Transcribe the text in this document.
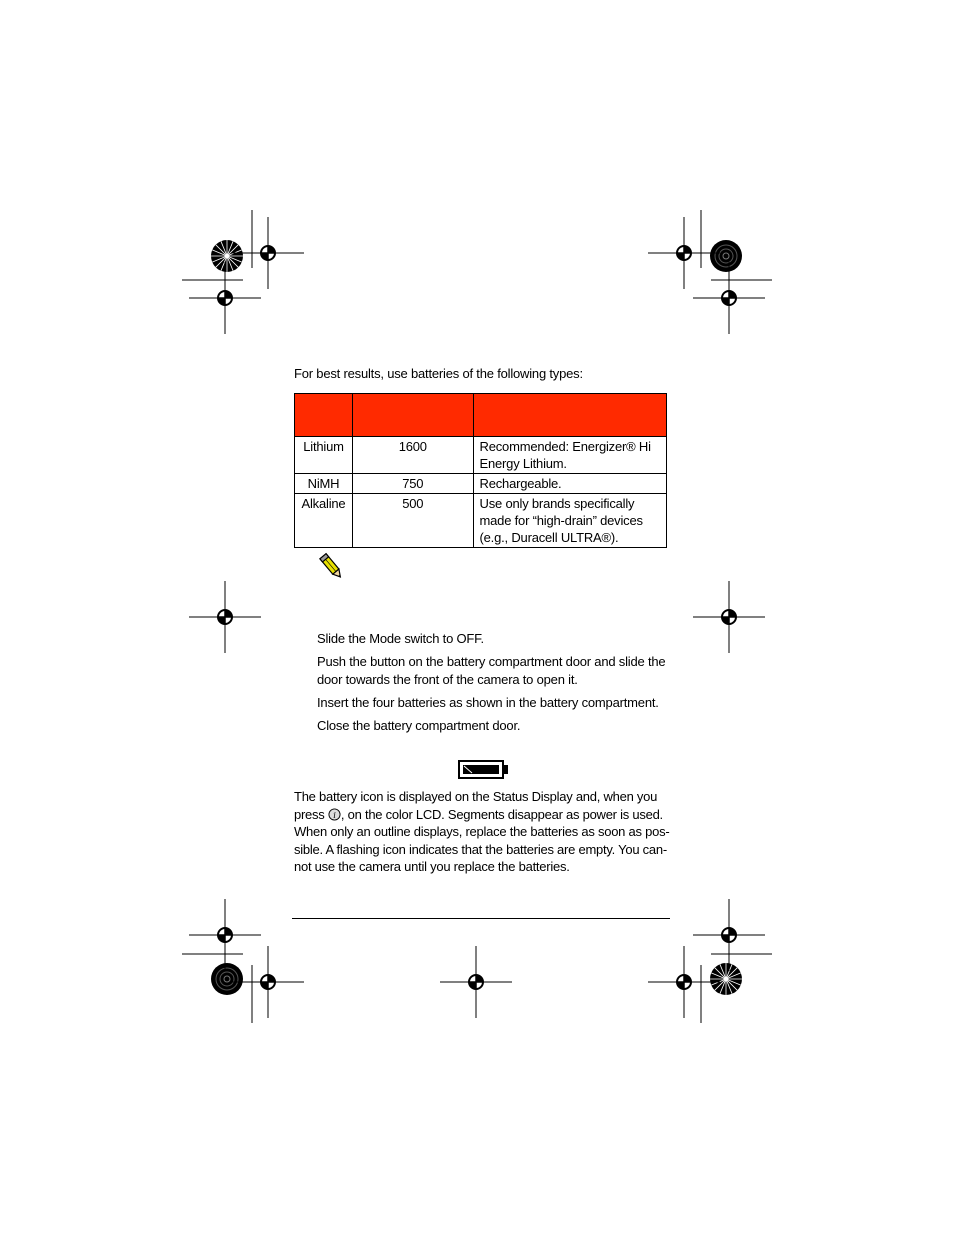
For best results, use batteries of the following types:

Lithium	1600	Recommended: Energizer® Hi
Energy Lithium.

NiMH	750	Rechargeable.

Alkaline	500	Use only brands specifically
made for “high-drain” devices
(e.g., Duracell ULTRA®).
Slide the Mode switch to OFF.
Push the button on the battery compartment door and slide the
door towards the front of the camera to open it.
Insert the four batteries as shown in the battery compartment.
Close the battery compartment door.
The battery icon is displayed on the Status Display and, when you
press i , on the color LCD. Segments disappear as power is used.
When only an outline displays, replace the batteries as soon as pos-
sible. A flashing icon indicates that the batteries are empty. You can-
not use the camera until you replace the batteries.
